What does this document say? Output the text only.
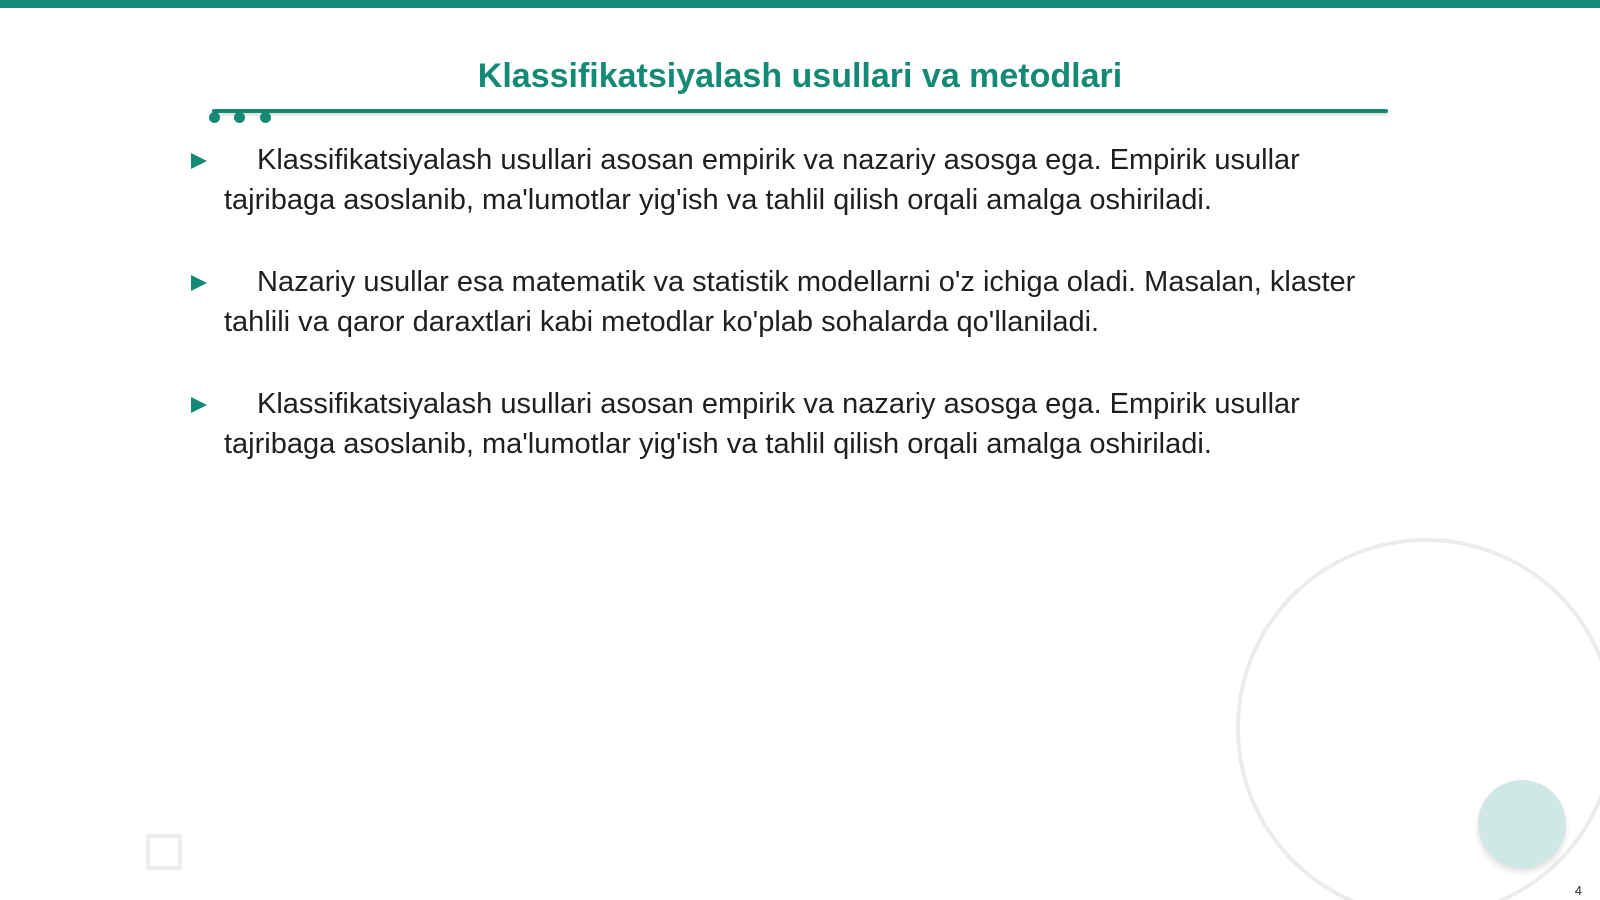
Klassifikatsiyalash usullari va metodlari
Klassifikatsiyalash usullari asosan empirik va nazariy asosga ega. Empirik usullar tajribaga asoslanib, ma'lumotlar yig'ish va tahlil qilish orqali amalga oshiriladi.
Nazariy usullar esa matematik va statistik modellarni o'z ichiga oladi. Masalan, klaster tahlili va qaror daraxtlari kabi metodlar ko'plab sohalarda qo'llaniladi.
Klassifikatsiyalash usullari asosan empirik va nazariy asosga ega. Empirik usullar tajribaga asoslanib, ma'lumotlar yig'ish va tahlil qilish orqali amalga oshiriladi.
4
